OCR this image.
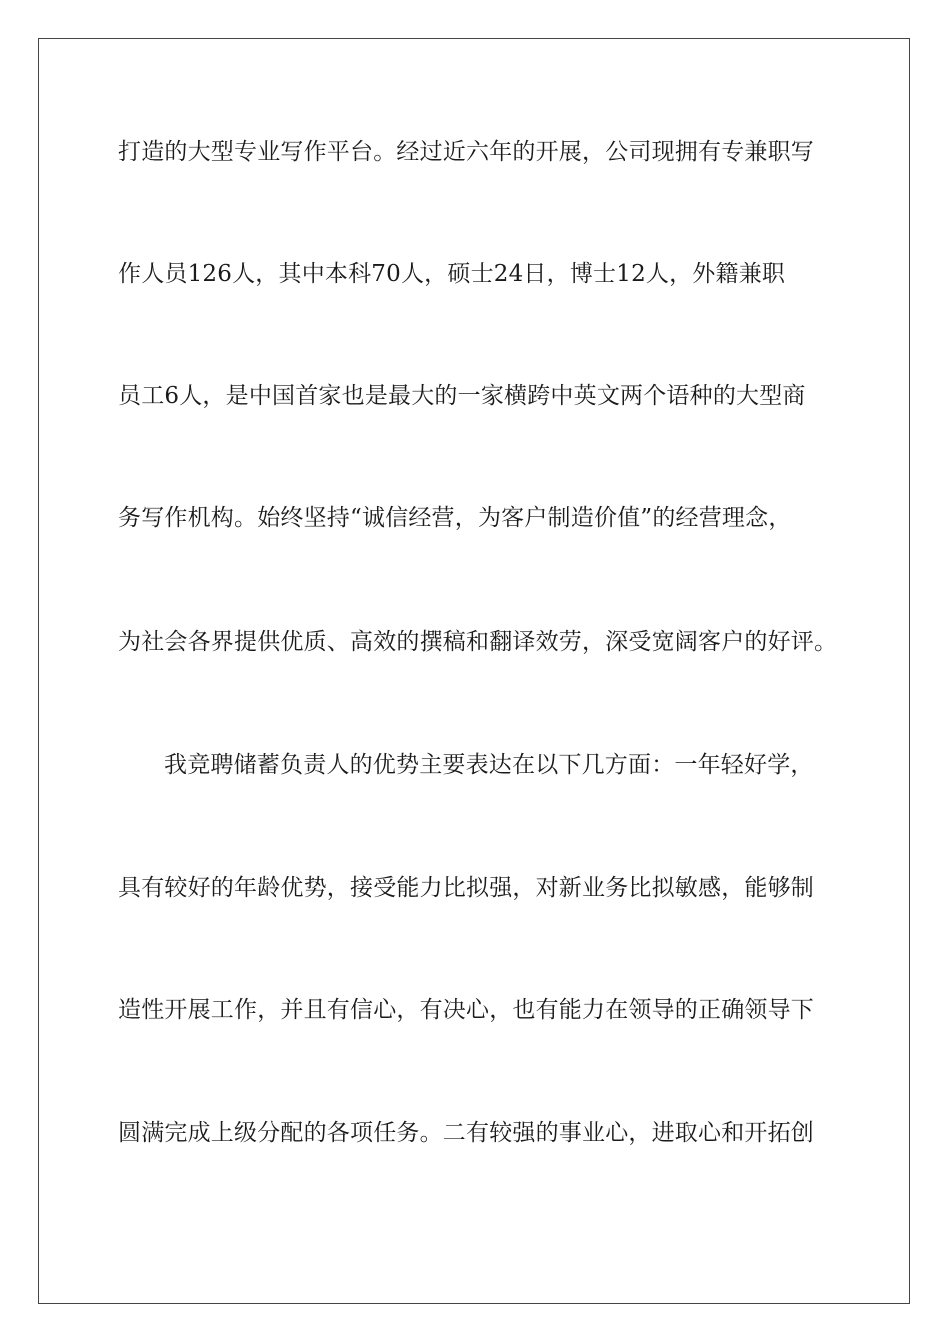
打造的大型专业写作平台。经过近六年的开展，公司现拥有专兼职写
作人员126人，其中本科70人，硕士24日，博士12人，外籍兼职
员工6人，是中国首家也是最大的一家横跨中英文两个语种的大型商
务写作机构。始终坚持“诚信经营，为客户制造价值”的经营理念，
为社会各界提供优质、高效的撰稿和翻译效劳，深受宽阔客户的好评。
我竞聘储蓄负责人的优势主要表达在以下几方面：一年轻好学，
具有较好的年龄优势，接受能力比拟强，对新业务比拟敏感，能够制
造性开展工作，并且有信心，有决心，也有能力在领导的正确领导下
圆满完成上级分配的各项任务。二有较强的事业心，进取心和开拓创
